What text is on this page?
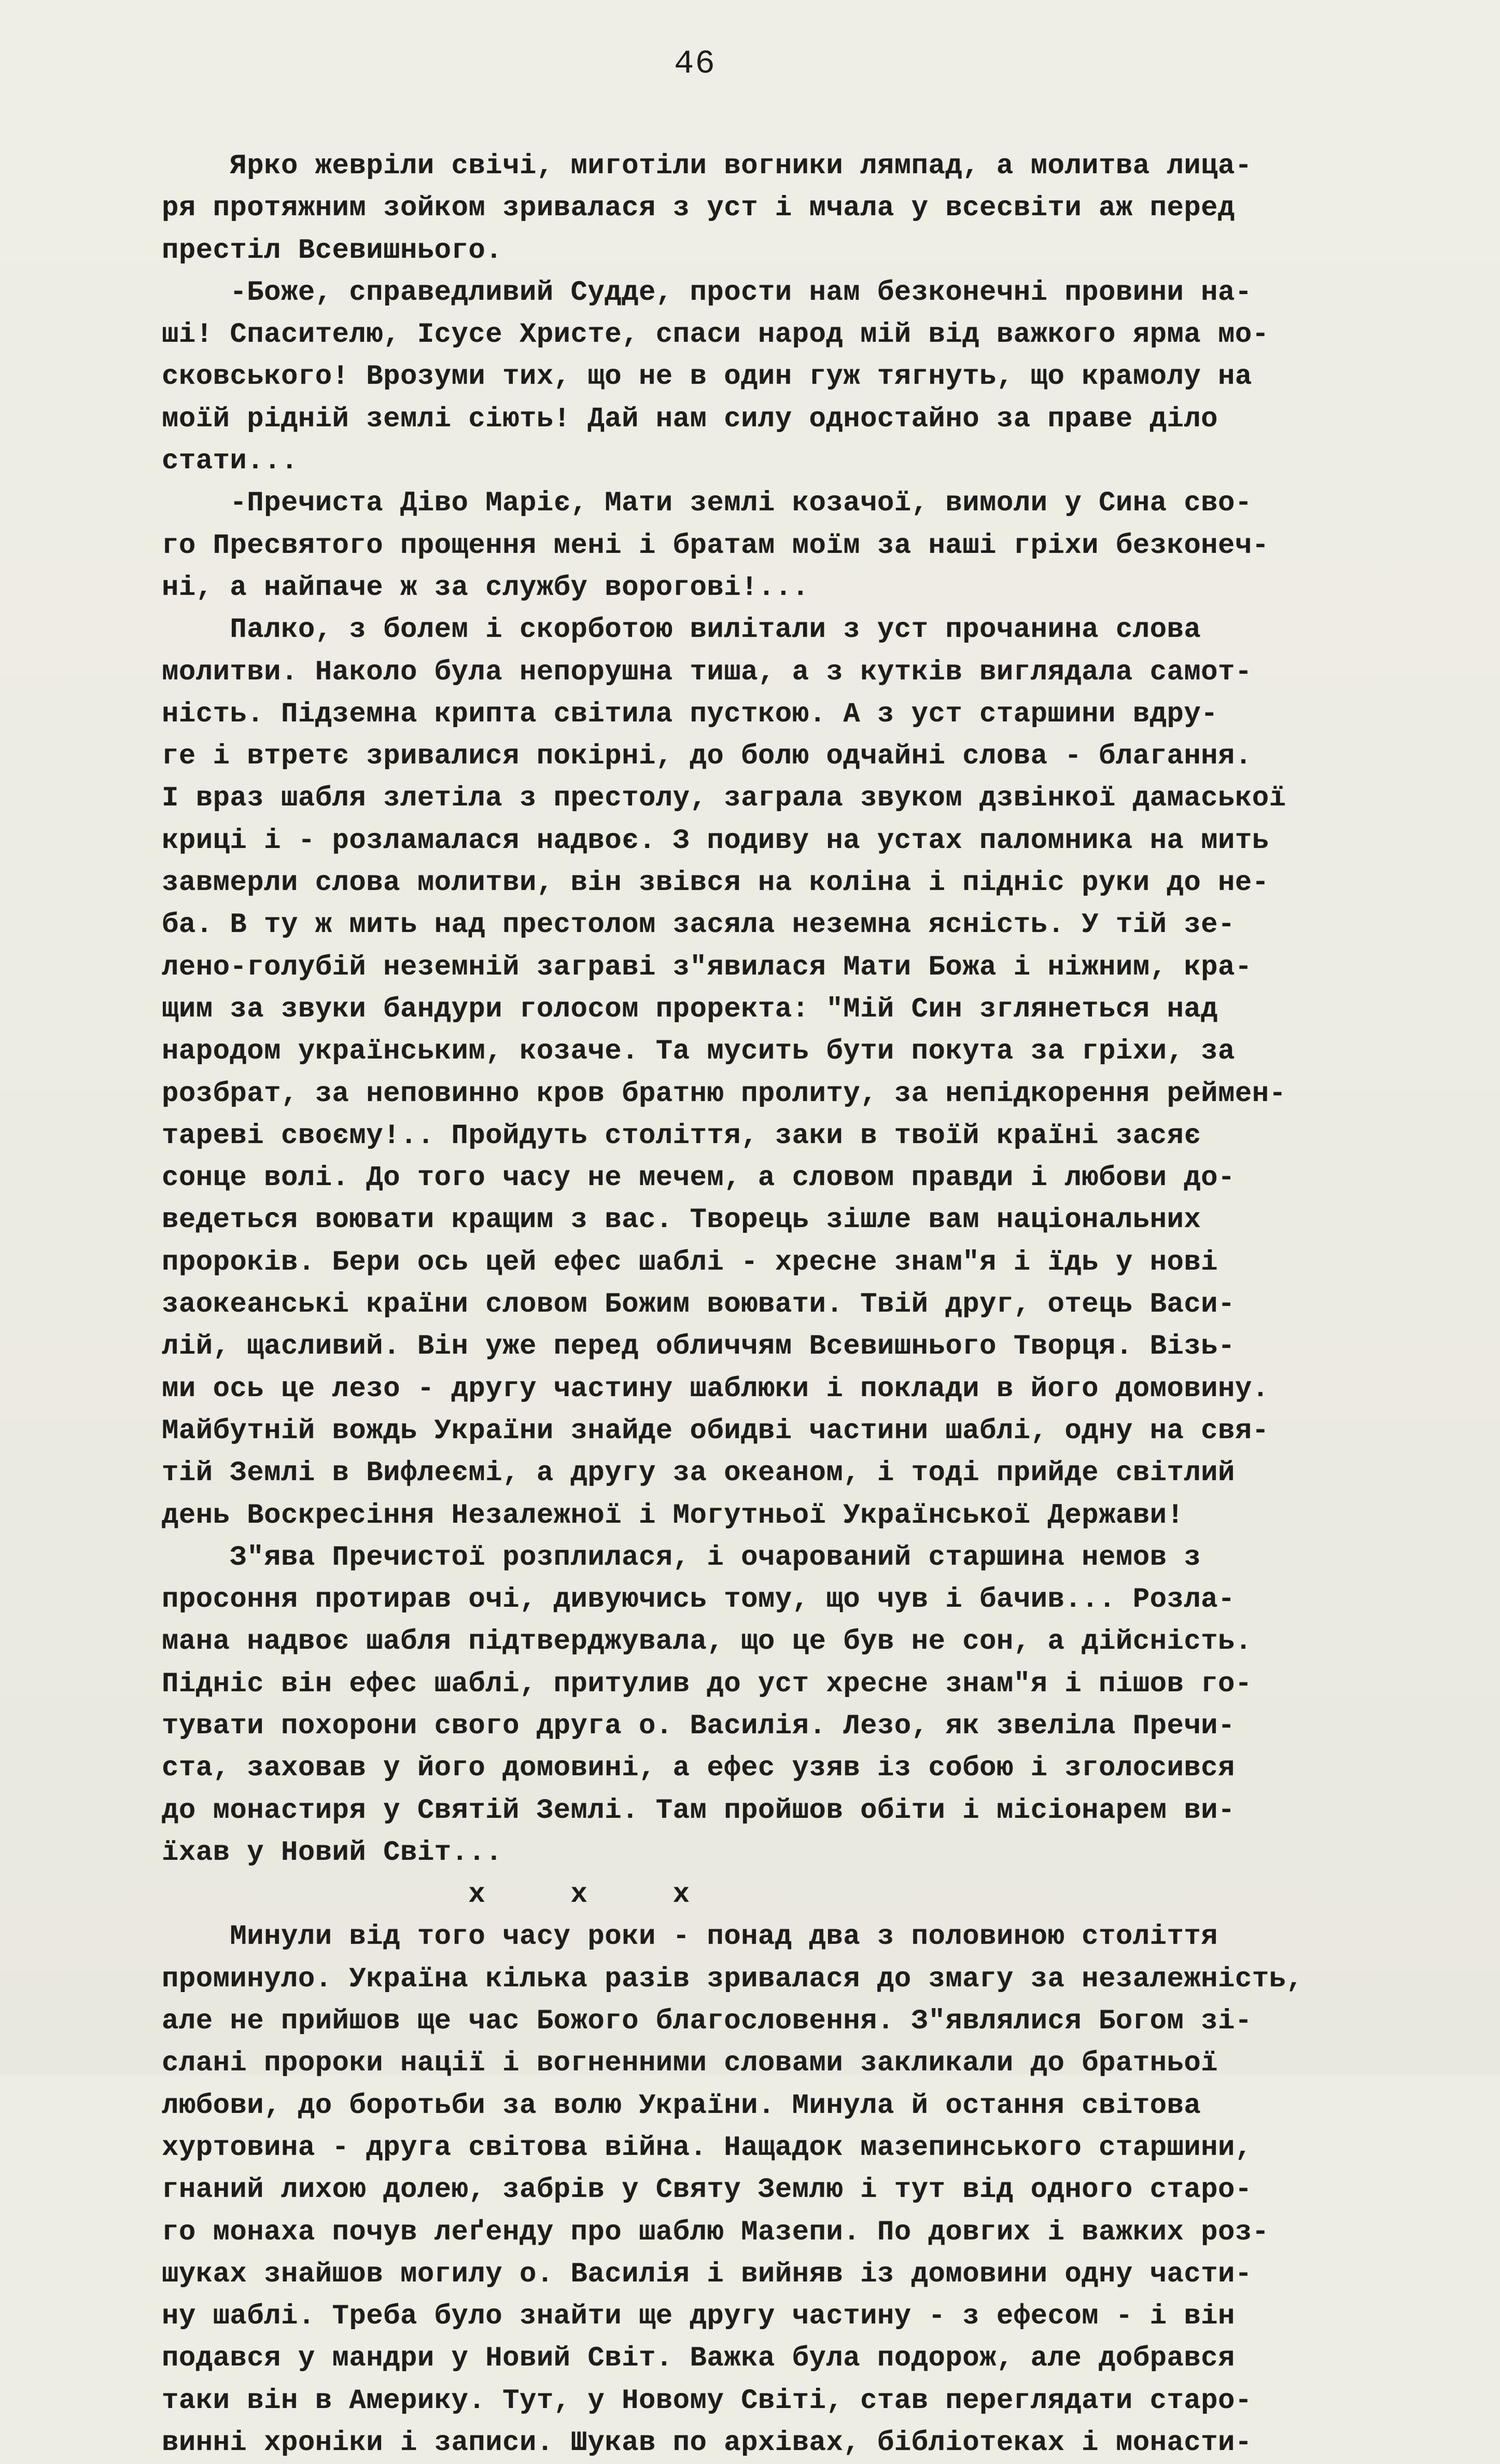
46
Ярко жевріли свічі, миготіли вогники лямпад, а молитва лица-
ря протяжним зойком зривалася з уст і мчала у всесвіти аж перед
престіл Всевишнього.
-Боже, справедливий Судде, прости нам безконечні провини на-
ші! Спасителю, Ісусе Христе, спаси народ мій від важкого ярма мо-
сковського! Врозуми тих, що не в один гуж тягнуть, що крамолу на
моїй рідній землі сіють! Дай нам силу одностайно за праве діло
стати...
-Пречиста Діво Маріє, Мати землі козачої, вимоли у Сина сво-
го Пресвятого прощення мені і братам моїм за наші гріхи безконеч-
ні, а найпаче ж за службу ворогові!...
Палко, з болем і скорботою вилітали з уст прочанина слова
молитви. Наколо була непорушна тиша, а з кутків виглядала самот-
ність. Підземна крипта світила пусткою. А з уст старшини вдру-
ге і втретє зривалися покірні, до болю одчайні слова - благання.
І враз шабля злетіла з престолу, заграла звуком дзвінкої дамаської
криці і - розламалася надвоє. З подиву на устах паломника на мить
завмерли слова молитви, він звівся на коліна і підніс руки до не-
ба. В ту ж мить над престолом засяла неземна ясність. У тій зе-
лено-голубій неземній заграві з"явилася Мати Божа і ніжним, кра-
щим за звуки бандури голосом проректа: "Мій Син зглянеться над
народом українським, козаче. Та мусить бути покута за гріхи, за
розбрат, за неповинно кров братню пролиту, за непідкорення реймен-
тареві своєму!.. Пройдуть століття, заки в твоїй країні засяє
сонце волі. До того часу не мечем, а словом правди і любови до-
ведеться воювати кращим з вас. Творець зішле вам національних
пророків. Бери ось цей ефес шаблі - хресне знам"я і їдь у нові
заокеанські країни словом Божим воювати. Твій друг, отець Васи-
лій, щасливий. Він уже перед обличчям Всевишнього Творця. Візь-
ми ось це лезо - другу частину шаблюки і поклади в його домовину.
Майбутній вождь України знайде обидві частини шаблі, одну на свя-
тій Землі в Вифлеємі, а другу за океаном, і тоді прийде світлий
день Воскресіння Незалежної і Могутньої Української Держави!
З"ява Пречистої розплилася, і очарований старшина немов з
просоння протирав очі, дивуючись тому, що чув і бачив... Розла-
мана надвоє шабля підтверджувала, що це був не сон, а дійсність.
Підніс він ефес шаблі, притулив до уст хресне знам"я і пішов го-
тувати похорони свого друга о. Василія. Лезо, як звеліла Пречи-
ста, заховав у його домовині, а ефес узяв із собою і зголосився
до монастиря у Святій Землі. Там пройшов обіти і місіонарем ви-
їхав у Новий Світ...
x     x     x
Минули від того часу роки - понад два з половиною століття
проминуло. Україна кілька разів зривалася до змагу за незалежність,
але не прийшов ще час Божого благословення. З"являлися Богом зі-
слані пророки нації і вогненними словами закликали до братньої
любови, до боротьби за волю України. Минула й остання світова
хуртовина - друга світова війна. Нащадок мазепинського старшини,
гнаний лихою долею, забрів у Святу Землю і тут від одного старо-
го монаха почув леґенду про шаблю Мазепи. По довгих і важких роз-
шуках знайшов могилу о. Василія і вийняв із домовини одну части-
ну шаблі. Треба було знайти ще другу частину - з ефесом - і він
подався у мандри у Новий Світ. Важка була подорож, але добрався
таки він в Америку. Тут, у Новому Світі, став переглядати старо-
винні хроніки і записи. Шукав по архівах, бібліотеках і монасти-
